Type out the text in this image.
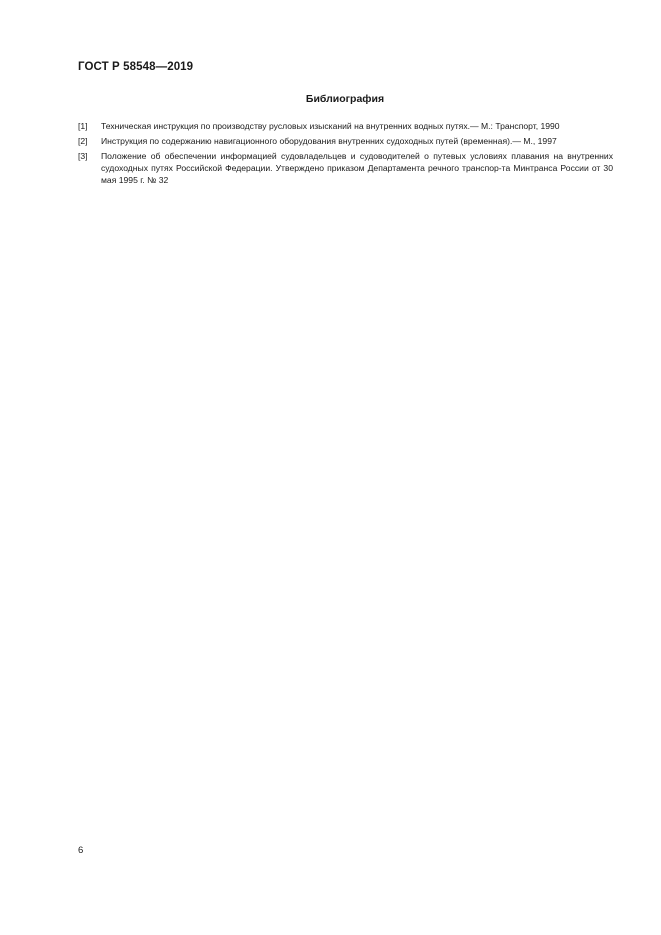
ГОСТ Р 58548—2019

Библиография
[1]	Техническая инструкция по производству русловых изысканий на внутренних водных путях.— М.: Транспорт, 1990
[2]	Инструкция по содержанию навигационного оборудования внутренних судоходных путей (временная).— М., 1997
[3]	Положение об обеспечении информацией судовладельцев и судоводителей о путевых условиях плавания на внутренних судоходных путях Российской Федерации. Утверждено приказом Департамента речного транспор-та Минтранса России от 30 мая 1995 г. № 32

6
